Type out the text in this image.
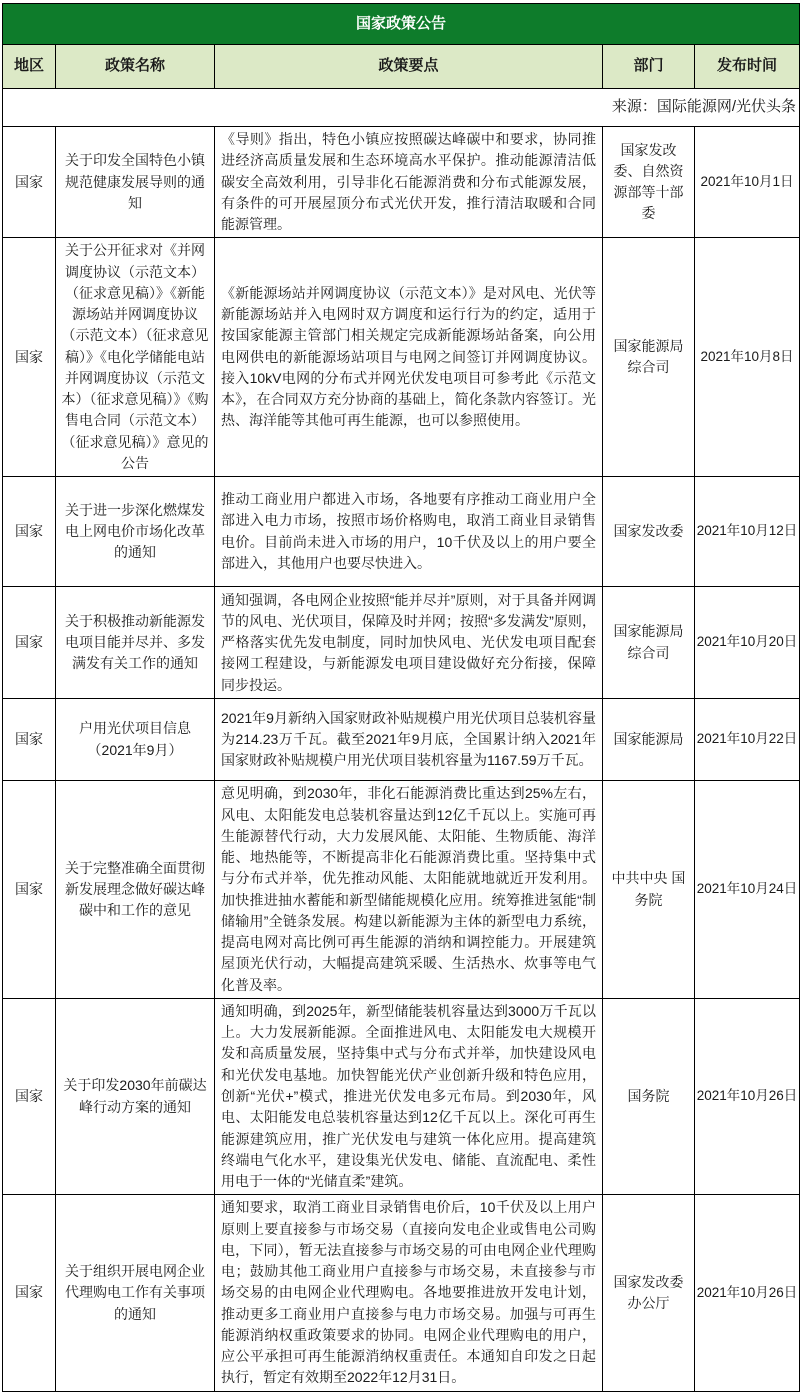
国家政策公告				
地区	政策名称	政策要点	部门	发布时间
来源：国际能源网/光伏头条				
国家	关于印发全国特色小镇规范健康发展导则的通知	《导则》指出，特色小镇应按照碳达峰碳中和要求，协同推进经济高质量发展和生态环境高水平保护。推动能源清洁低碳安全高效利用，引导非化石能源消费和分布式能源发展，有条件的可开展屋顶分布式光伏开发，推行清洁取暖和合同能源管理。	国家发改委、自然资源部等十部委	2021年10月1日
国家	关于公开征求对《并网调度协议（示范文本）（征求意见稿）》《新能源场站并网调度协议（示范文本）（征求意见稿）》《电化学储能电站并网调度协议（示范文本）（征求意见稿）》《购售电合同（示范文本）（征求意见稿）》意见的公告	《新能源场站并网调度协议（示范文本）》是对风电、光伏等新能源场站并入电网时双方调度和运行行为的约定，适用于按国家能源主管部门相关规定完成新能源场站备案，向公用电网供电的新能源场站项目与电网之间签订并网调度协议。接入10kV电网的分布式并网光伏发电项目可参考此《示范文本》，在合同双方充分协商的基础上，简化条款内容签订。光热、海洋能等其他可再生能源，也可以参照使用。	国家能源局综合司	2021年10月8日
国家	关于进一步深化燃煤发电上网电价市场化改革的通知	推动工商业用户都进入市场，各地要有序推动工商业用户全部进入电力市场，按照市场价格购电，取消工商业目录销售电价。目前尚未进入市场的用户，10千伏及以上的用户要全部进入，其他用户也要尽快进入。	国家发改委	2021年10月12日
国家	关于积极推动新能源发电项目能并尽并、多发满发有关工作的通知	通知强调，各电网企业按照“能并尽并”原则，对于具备并网调节的风电、光伏项目，保障及时并网；按照“多发满发”原则，严格落实优先发电制度，同时加快风电、光伏发电项目配套接网工程建设，与新能源发电项目建设做好充分衔接，保障同步投运。	国家能源局综合司	2021年10月20日
国家	户用光伏项目信息（2021年9月）	2021年9月新纳入国家财政补贴规模户用光伏项目总装机容量为214.23万千瓦。截至2021年9月底，全国累计纳入2021年国家财政补贴规模户用光伏项目装机容量为1167.59万千瓦。	国家能源局	2021年10月22日
国家	关于完整准确全面贯彻新发展理念做好碳达峰碳中和工作的意见	意见明确，到2030年，非化石能源消费比重达到25%左右，风电、太阳能发电总装机容量达到12亿千瓦以上。实施可再生能源替代行动，大力发展风能、太阳能、生物质能、海洋能、地热能等，不断提高非化石能源消费比重。坚持集中式与分布式并举，优先推动风能、太阳能就地就近开发利用。加快推进抽水蓄能和新型储能规模化应用。统筹推进氢能“制储输用”全链条发展。构建以新能源为主体的新型电力系统，提高电网对高比例可再生能源的消纳和调控能力。开展建筑屋顶光伏行动，大幅提高建筑采暖、生活热水、炊事等电气化普及率。	中共中央 国务院	2021年10月24日
国家	关于印发2030年前碳达峰行动方案的通知	通知明确，到2025年，新型储能装机容量达到3000万千瓦以上。大力发展新能源。全面推进风电、太阳能发电大规模开发和高质量发展，坚持集中式与分布式并举，加快建设风电和光伏发电基地。加快智能光伏产业创新升级和特色应用，创新“光伏+”模式，推进光伏发电多元布局。到2030年，风电、太阳能发电总装机容量达到12亿千瓦以上。深化可再生能源建筑应用，推广光伏发电与建筑一体化应用。提高建筑终端电气化水平，建设集光伏发电、储能、直流配电、柔性用电于一体的“光储直柔”建筑。	国务院	2021年10月26日
国家	关于组织开展电网企业代理购电工作有关事项的通知	通知要求，取消工商业目录销售电价后，10千伏及以上用户原则上要直接参与市场交易（直接向发电企业或售电公司购电，下同），暂无法直接参与市场交易的可由电网企业代理购电；鼓励其他工商业用户直接参与市场交易，未直接参与市场交易的由电网企业代理购电。各地要推进放开发电计划，推动更多工商业用户直接参与电力市场交易。加强与可再生能源消纳权重政策要求的协同。电网企业代理购电的用户，应公平承担可再生能源消纳权重责任。本通知自印发之日起执行，暂定有效期至2022年12月31日。	国家发改委办公厅	2021年10月26日
